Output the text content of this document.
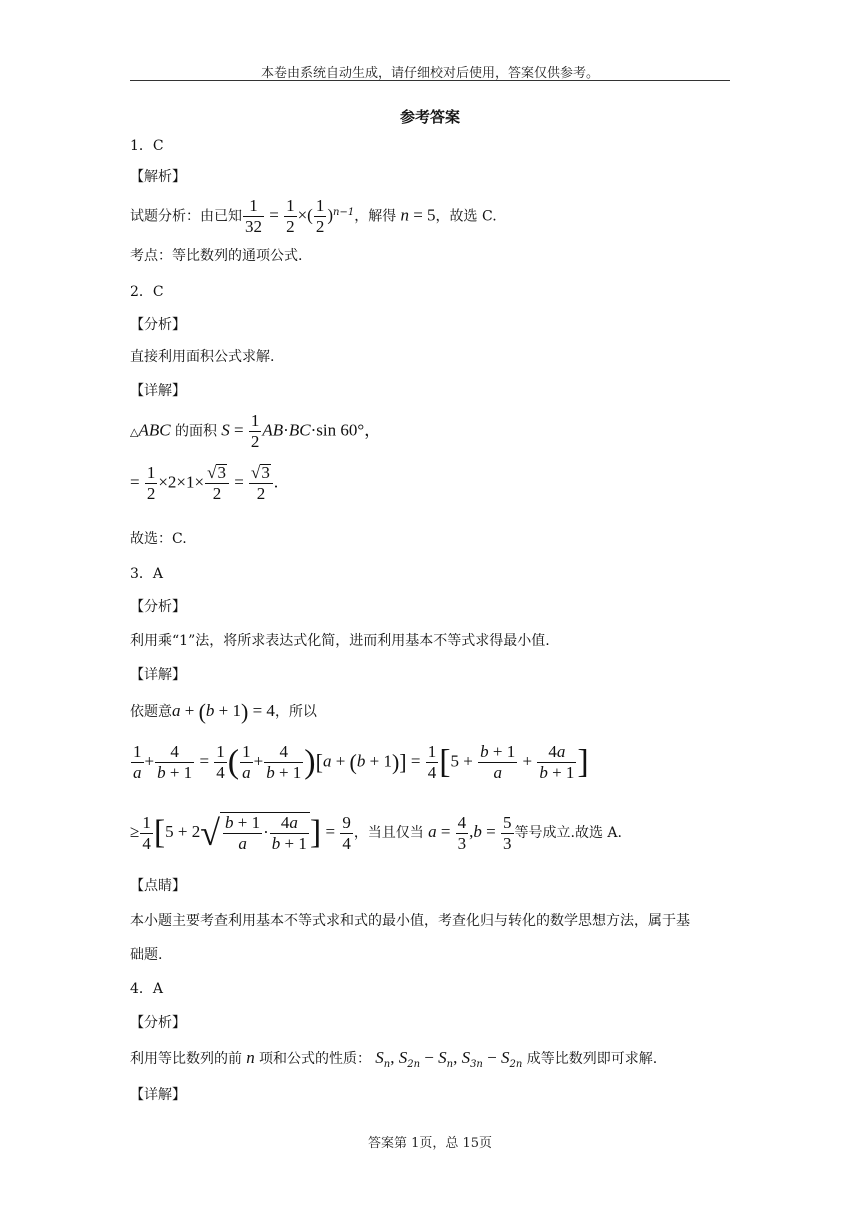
本卷由系统自动生成，请仔细校对后使用，答案仅供参考。
参考答案
1．C
【解析】
试题分析：由已知 $\frac{1}{32} = \frac{1}{2}$ ×( $\frac{1}{2} )^{n-1}$，解得 n = 5，故选 C.
考点：等比数列的通项公式.
2．C
【分析】
直接利用面积公式求解.
【详解】
△ABC 的面积 $S = \frac{1}{2} AB\cdot BC\cdot\sin$ 60°，
= $\frac{1}{2} \times 2\times 1\times \frac{√3}{2} = \frac{√3}{2}$ .
故选：C.
3．A
【分析】
利用乘“1”法，将所求表达式化简，进而利用基本不等式求得最小值.
【详解】
依题意a + (b + 1) = 4，所以
$\frac{1}{a} + \frac{4}{b + 1} = \frac{1}{4}$ ( $\frac{1}{a} + \frac{4}{b + 1} )[a + (b + 1)] = \frac{1}{4} [5 + \frac{b + 1}{a} + \frac{4a}{b + 1}$ ]
≥ $\frac{1}{4} [5 + 2√ \frac{b + 1}{a} \cdot \frac{4a}{b + 1}$ ] = $\frac{9}{4}$ ，当且仅当 $a = \frac{4}{3} ,b = \frac{5}{3}$ 等号成立.故选 A.
【点睛】
本小题主要考查利用基本不等式求和式的最小值，考查化归与转化的数学思想方法，属于基
础题.
4．A
【分析】
利用等比数列的前 n 项和公式的性质： $S_n$, $S_{2n} - S_n$, $S_{3n} - S_{2n}$ 成等比数列即可求解.
【详解】
答案第 1页，总 15页
